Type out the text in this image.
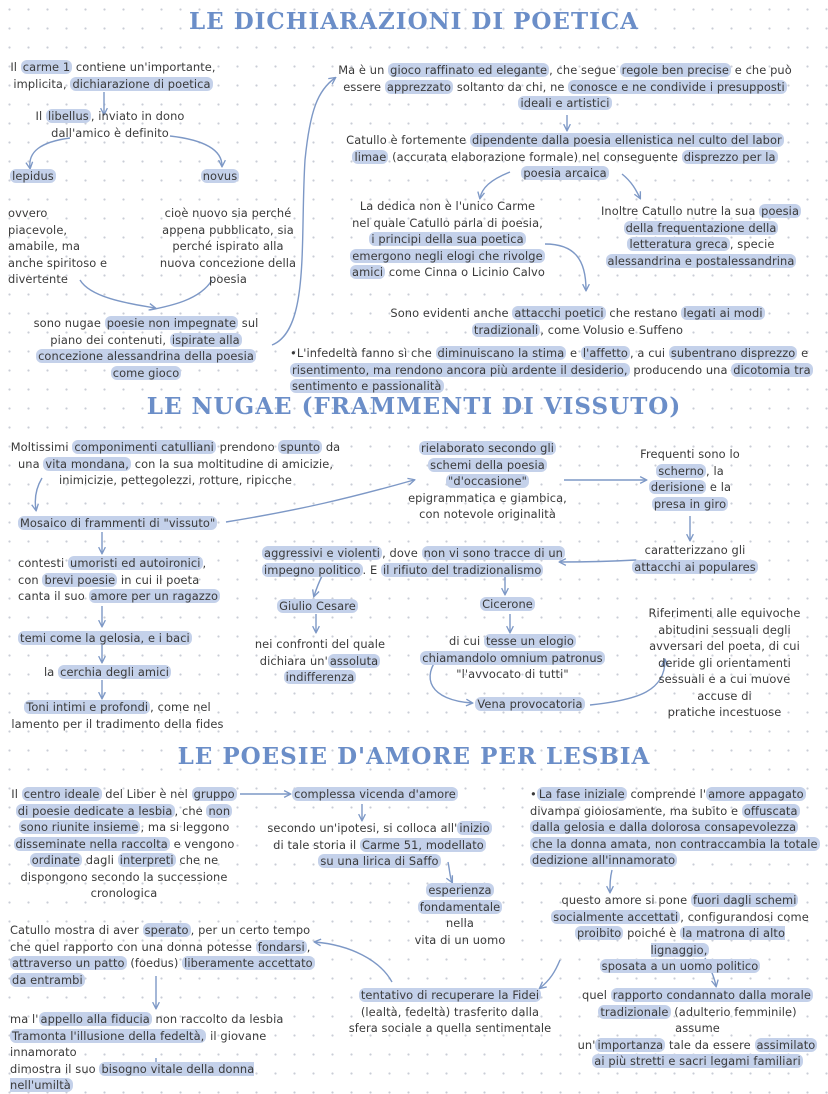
LE DICHIARAZIONI DI POETICA
LE NUGAE (FRAMMENTI DI VISSUTO)
LE POESIE D'AMORE PER LESBIA
Il carme 1 contiene un'importante,
implicita, dichiarazione di poetica
Il libellus , inviato in dono
dall'amico è definito
lepidus	novus
ovvero
piacevole,
amabile, ma
anche spiritoso e
divertente
cioè nuovo sia perché
appena pubblicato, sia
perché ispirato alla
nuova concezione della
poesia
sono nugae poesie non impegnate sul
piano dei contenuti, ispirate alla
concezione alessandrina della poesia
come gioco
Ma è un gioco raffinato ed elegante , che segue regole ben precise e che può
essere apprezzato soltanto da chi, ne conosce e ne condivide i presupposti
ideali e artistici
Catullo è fortemente dipendente dalla poesia ellenistica nel culto del labor
limae (accurata elaborazione formale) nel conseguente disprezzo per la
poesia arcaica
La dedica non è l'unico Carme
nel quale Catullo parla di poesia,
i principi della sua poetica
emergono negli elogi che rivolge
amici come Cinna o Licinio Calvo
Inoltre Catullo nutre la sua poesia
della frequentazione della
letteratura greca , specie
alessandrina e postalessandrina
Sono evidenti anche attacchi poetici che restano legati ai modi
tradizionali , come Volusio e Suffeno
•L'infedeltà fanno sì che diminuiscano la stima e l'affetto , a cui subentrano disprezzo e
risentimento, ma rendono ancora più ardente il desiderio, producendo una dicotomia tra
sentimento e passionalità
Moltissimi componimenti catulliani prendono spunto da
una vita mondana, con la sua moltitudine di amicizie,
inimicizie, pettegolezzi, rotture, ripicche
Mosaico di frammenti di "vissuto"
rielaborato secondo gli
schemi della poesia
"d'occasione"
epigrammatica e giambica,
con notevole originalità
Frequenti sono lo
scherno , la
derisione e la
presa in giro
contesti umoristi ed autoironici ,
con brevi poesie in cui il poeta
canta il suo amore per un ragazzo
aggressivi e violenti , dove non vi sono tracce di un
impegno politico . E il rifiuto del tradizionalismo
caratterizzano gli
attacchi ai populares
temi come la gelosia, e i baci
Giulio Cesare	Cicerone
nei confronti del quale
dichiara un' assoluta
indifferenza
di cui tesse un elogio
chiamandolo omnium patronus
"l'avvocato di tutti"
Riferimenti alle equivoche
abitudini sessuali degli
avversari del poeta, di cui
deride gli orientamenti
sessuali e a cui muove
accuse di
pratiche incestuose
la cerchia degli amici
Vena provocatoria
Toni intimi e profondi , come nel
lamento per il tradimento della fides
Il centro ideale del Liber è nel gruppo
di poesie dedicate a lesbia , che non
sono riunite insieme , ma si leggono
disseminate nella raccolta e vengono
ordinate dagli interpreti che ne
dispongono secondo la successione
cronologica
complessa vicenda d'amore
secondo un'ipotesi, si colloca all' inizio
di tale storia il Carme 51, modellato
su una lirica di Saffo
• La fase iniziale comprende l' amore appagato
divampa gioiosamente, ma subito e offuscata
dalla gelosia e dalla dolorosa consapevolezza
che la donna amata, non contraccambia la totale
dedizione all'innamorato
esperienza
fondamentale nella
vita di un uomo
questo amore si pone fuori dagli schemi
socialmente accettati , configurandosi come
proibito poiché è la matrona di alto lignaggio,
sposata a un uomo politico
Catullo mostra di aver sperato , per un certo tempo
che quel rapporto con una donna potesse fondarsi ,
attraverso un patto (foedus) liberamente accettato
da entrambi
tentativo di recuperare la Fidei
(lealtà, fedeltà) trasferito dalla
sfera sociale a quella sentimentale
quel rapporto condannato dalla morale
tradizionale (adulterio femminile) assume
un' importanza tale da essere assimilato
ai più stretti e sacri legami familiari
ma l' appello alla fiducia non raccolto da lesbia
Tramonta l'illusione della fedeltà, il giovane innamorato
dimostra il suo bisogno vitale della donna nell'umiltà
